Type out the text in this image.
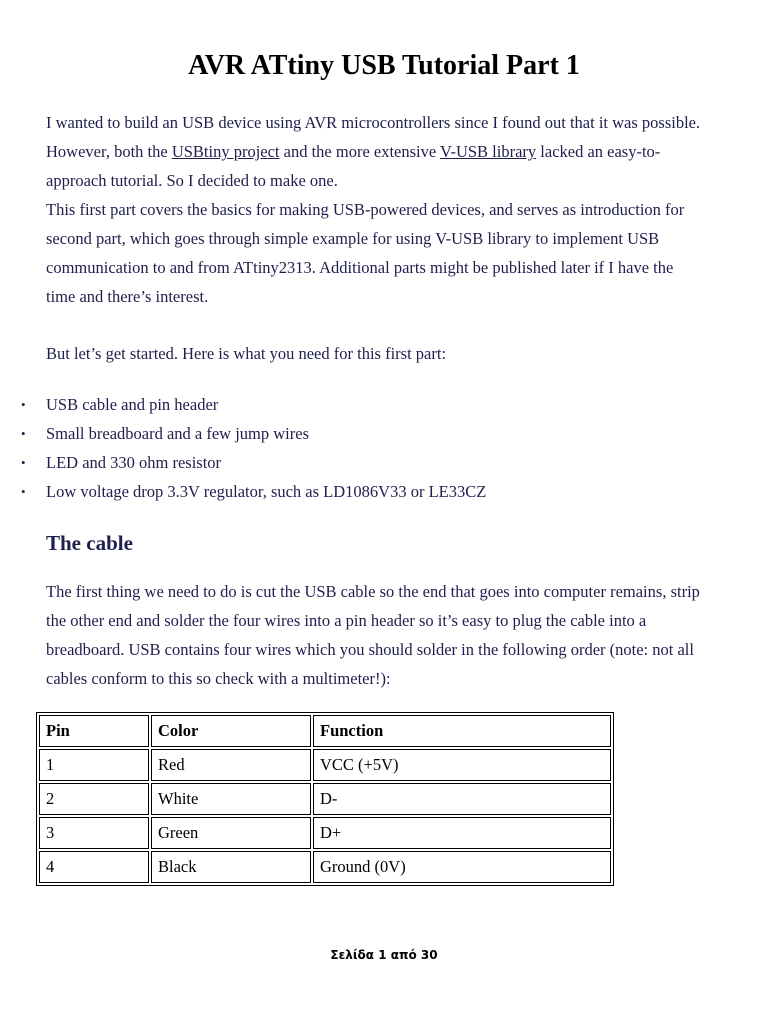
AVR ATtiny USB Tutorial Part 1

I wanted to build an USB device using AVR microcontrollers since I found out that it was possible. However, both the USBtiny project and the more extensive V-USB library lacked an easy-to-approach tutorial. So I decided to make one.
This first part covers the basics for making USB-powered devices, and serves as introduction for second part, which goes through simple example for using V-USB library to implement USB communication to and from ATtiny2313. Additional parts might be published later if I have the time and there’s interest.

But let’s get started. Here is what you need for this first part:

• USB cable and pin header
• Small breadboard and a few jump wires
• LED and 330 ohm resistor
• Low voltage drop 3.3V regulator, such as LD1086V33 or LE33CZ
The cable

The first thing we need to do is cut the USB cable so the end that goes into computer remains, strip the other end and solder the four wires into a pin header so it’s easy to plug the cable into a breadboard. USB contains four wires which you should solder in the following order (note: not all cables conform to this so check with a multimeter!):

Pin	Color	Function
1	Red	VCC (+5V)
2	White	D-
3	Green	D+
4	Black	Ground (0V)
Σελίδα 1 από 30
